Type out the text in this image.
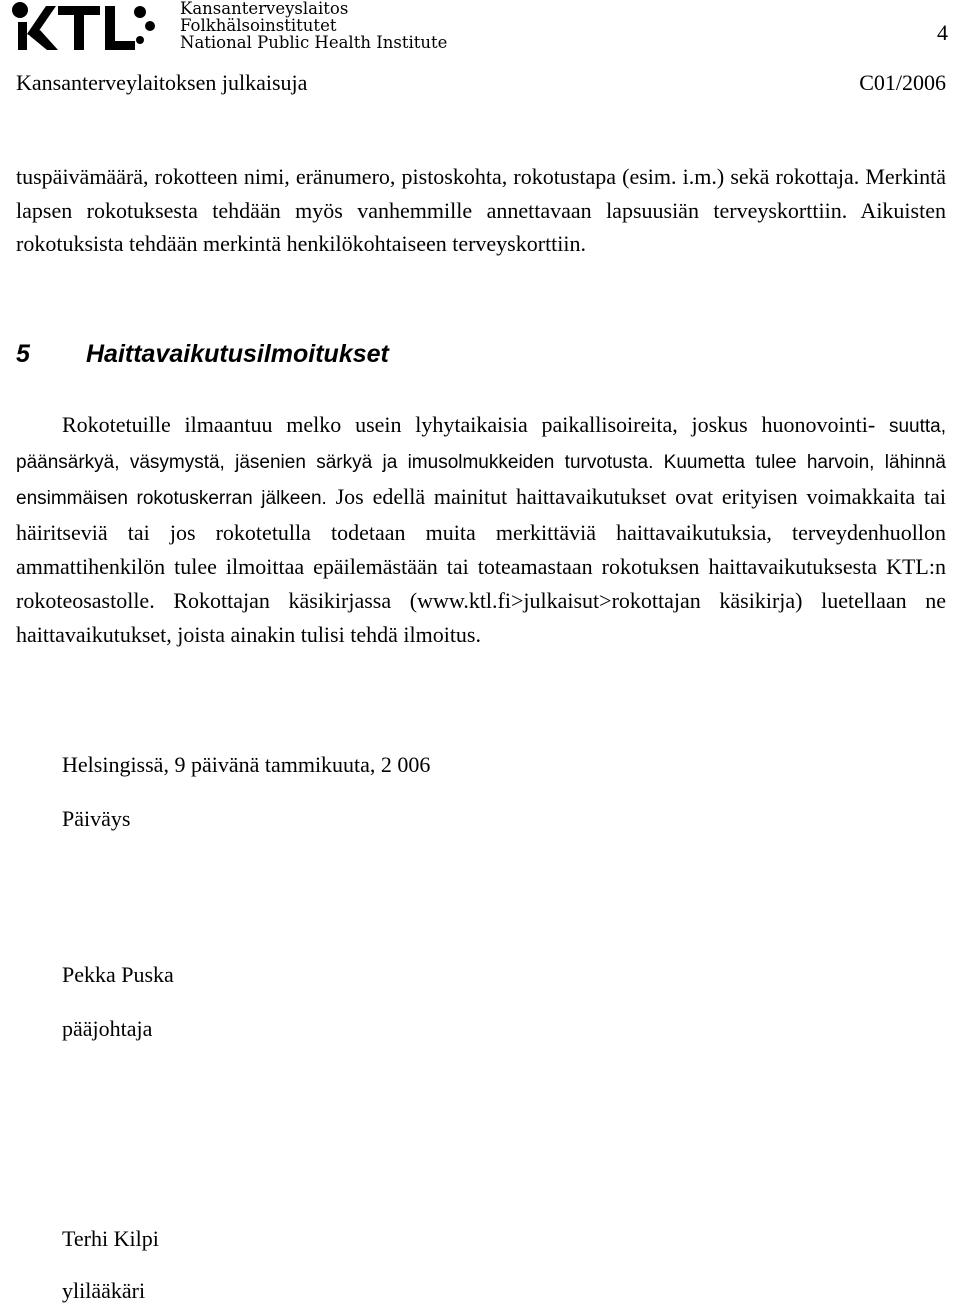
Kansanterveyslaitos
Folkhälsoinstitutet
National Public Health Institute	4
Kansanterveylaitoksen julkaisuja	C01/2006

tuspäivämäärä, rokotteen nimi, eränumero, pistoskohta, rokotustapa (esim. i.m.) sekä rokottaja. Merkintä lapsen rokotuksesta tehdään myös vanhemmille annettavaan lapsuusiän terveyskorttiin. Aikuisten rokotuksista tehdään merkintä henkilökohtaiseen terveyskorttiin.

5 Haittavaikutusilmoitukset

Rokotetuille ilmaantuu melko usein lyhytaikaisia paikallisoireita, joskus huonovointi- suutta, päänsärkyä, väsymystä, jäsenien särkyä ja imusolmukkeiden turvotusta. Kuumetta tulee harvoin, lähinnä ensimmäisen rokotuskerran jälkeen. Jos edellä mainitut haittavaikutukset ovat erityisen voimakkaita tai häiritseviä tai jos rokotetulla todetaan muita merkittäviä haittavaikutuksia, terveydenhuollon ammattihenkilön tulee ilmoittaa epäilemästään tai toteamastaan rokotuksen haittavaikutuksesta KTL:n rokoteosastolle. Rokottajan käsikirjassa (www.ktl.fi>julkaisut>rokottajan käsikirja) luetellaan ne haittavaikutukset, joista ainakin tulisi tehdä ilmoitus.

Helsingissä, 9 päivänä tammikuuta, 2 006

Päiväys

Pekka Puska

pääjohtaja

Terhi Kilpi

ylilääkäri
